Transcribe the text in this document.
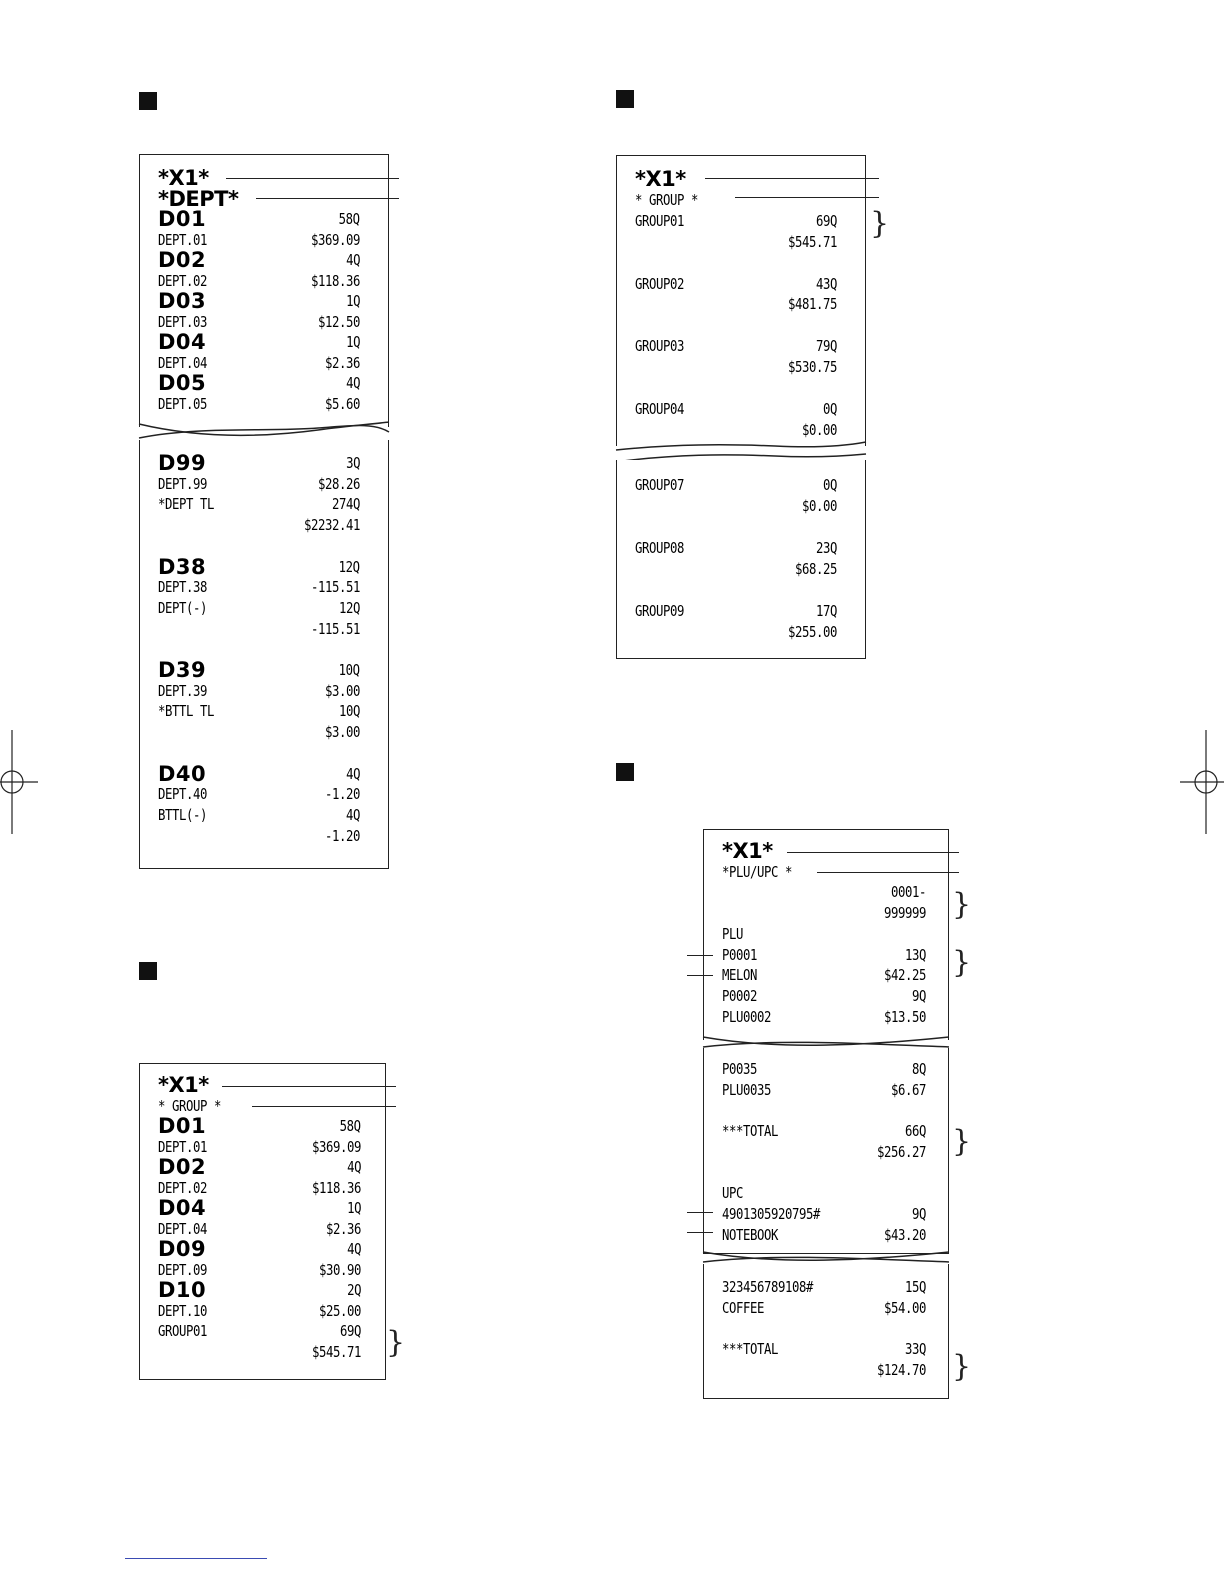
*X1*
*DEPT*
D01	58Q
DEPT.01	$369.09
D02	4Q
DEPT.02	$118.36
D03	1Q
DEPT.03	$12.50
D04	1Q
DEPT.04	$2.36
D05	4Q
DEPT.05	$5.60
D99	3Q
DEPT.99	$28.26
*DEPT TL	274Q
$2232.41
D38	12Q
DEPT.38	-115.51
DEPT(-)	12Q
-115.51
D39	10Q
DEPT.39	$3.00
*BTTL TL	10Q
$3.00
D40	4Q
DEPT.40	-1.20
BTTL(-)	4Q
-1.20
*X1*
* GROUP *
D01	58Q
DEPT.01	$369.09
D02	4Q
DEPT.02	$118.36
D04	1Q
DEPT.04	$2.36
D09	4Q
DEPT.09	$30.90
D10	2Q
DEPT.10	$25.00
GROUP01	69Q
$545.71 }
*X1*
* GROUP *
GROUP01	69Q
$545.71
GROUP02	43Q
$481.75
GROUP03	79Q
$530.75
GROUP04	0Q
$0.00
GROUP07	0Q
$0.00
GROUP08	23Q
$68.25
GROUP09	17Q
$255.00
}
*X1*
*PLU/UPC *
0001-
999999
PLU
P0001	13Q
MELON	$42.25
P0002	9Q
PLU0002	$13.50
P0035	8Q
PLU0035	$6.67
***TOTAL	66Q
$256.27
UPC
4901305920795#	9Q
NOTEBOOK	$43.20
323456789108#	15Q
COFFEE	$54.00
***TOTAL	33Q
$124.70
}
}
}
}
